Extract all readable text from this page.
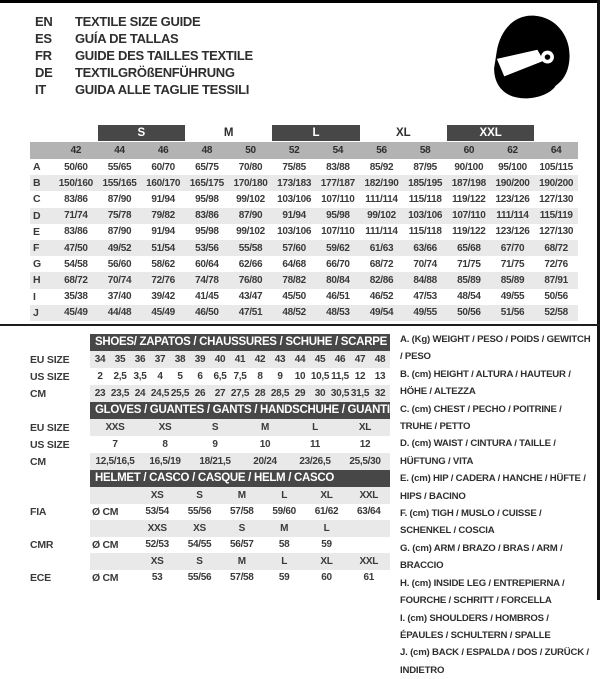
EN	TEXTILE SIZE GUIDE
ES	GUÍA DE TALLAS
FR	GUIDE DES TAILLES TEXTILE
DE	TEXTILGRÖßENFÜHRUNG
IT	GUIDA ALLE TAGLIE TESSILI
S	M	L	XL	XXL
42	44	46	48	50	52	54	56	58	60	62	64
A	50/60	55/65	60/70	65/75	70/80	75/85	83/88	85/92	87/95	90/100	95/100	105/115
B	150/160 155/165 160/170 165/175 170/180 173/183 177/187 182/190 185/195 187/198 190/200 190/200
C	83/86	87/90	91/94	95/98	99/102	103/106 107/110	111/114	115/118	119/122 123/126 127/130
D	71/74	75/78	79/82	83/86	87/90	91/94	95/98	99/102	103/106 107/110	111/114	115/119
E	83/86	87/90	91/94	95/98	99/102	103/106 107/110	111/114	115/118	119/122 123/126 127/130
F	47/50	49/52	51/54	53/56	55/58	57/60	59/62	61/63	63/66	65/68	67/70	68/72
G	54/58	56/60	58/62	60/64	62/66	64/68	66/70	68/72	70/74	71/75	71/75	72/76
H	68/72	70/74	72/76	74/78	76/80	78/82	80/84	82/86	84/88	85/89	85/89	87/91
I	35/38	37/40	39/42	41/45	43/47	45/50	46/51	46/52	47/53	48/54	49/55	50/56
J	45/49	44/48	45/49	46/50	47/51	48/52	48/53	49/54	49/55	50/56	51/56	52/58
SHOES/ ZAPATOS / CHAUSSURES / SCHUHE / SCARPE
EU SIZE	34 35 36 37 38 39 40 41 42 43 44 45 46 47 48
US SIZE	2	2,5 3,5	4	5	6	6,5 7,5	8	9	10 10,5 11,5 12 13
CM	23 23,5 24 24,5 25,5 26 27 27,5 28 28,5 29 30 30,5 31,5 32
GLOVES / GUANTES / GANTS / HANDSCHUHE / GUANTI
EU SIZE	XXS	XS	S	M	L	XL
US SIZE	7	8	9	10	11	12
CM	12,5/16,5	16,5/19	18/21,5	20/24	23/26,5	25,5/30
HELMET / CASCO / CASQUE / HELM / CASCO
XS	S	M	L	XL	XXL
FIA	Ø CM	53/54	55/56	57/58	59/60	61/62	63/64
XXS	XS	S	M	L
CMR	Ø CM	52/53	54/55	56/57	58	59
XS	S	M	L	XL	XXL
ECE	Ø CM	53	55/56	57/58	59	60	61
A. (Kg) WEIGHT / PESO / POIDS / GEWITCH / PESO
B. (cm) HEIGHT / ALTURA / HAUTEUR / HÖHE / ALTEZZA
C. (cm) CHEST / PECHO / POITRINE / TRUHE / PETTO
D. (cm) WAIST / CINTURA / TAILLE / HÜFTUNG / VITA
E. (cm) HIP / CADERA / HANCHE / HÜFTE / HIPS / BACINO
F. (cm) TIGH / MUSLO / CUISSE / SCHENKEL / COSCIA
G. (cm) ARM / BRAZO / BRAS / ARM / BRACCIO
H. (cm) INSIDE LEG / ENTREPIERNA / FOURCHE / SCHRITT / FORCELLA
I. (cm) SHOULDERS / HOMBROS / ÉPAULES / SCHULTERN / SPALLE
J. (cm) BACK / ESPALDA / DOS / ZURÜCK / INDIETRO
